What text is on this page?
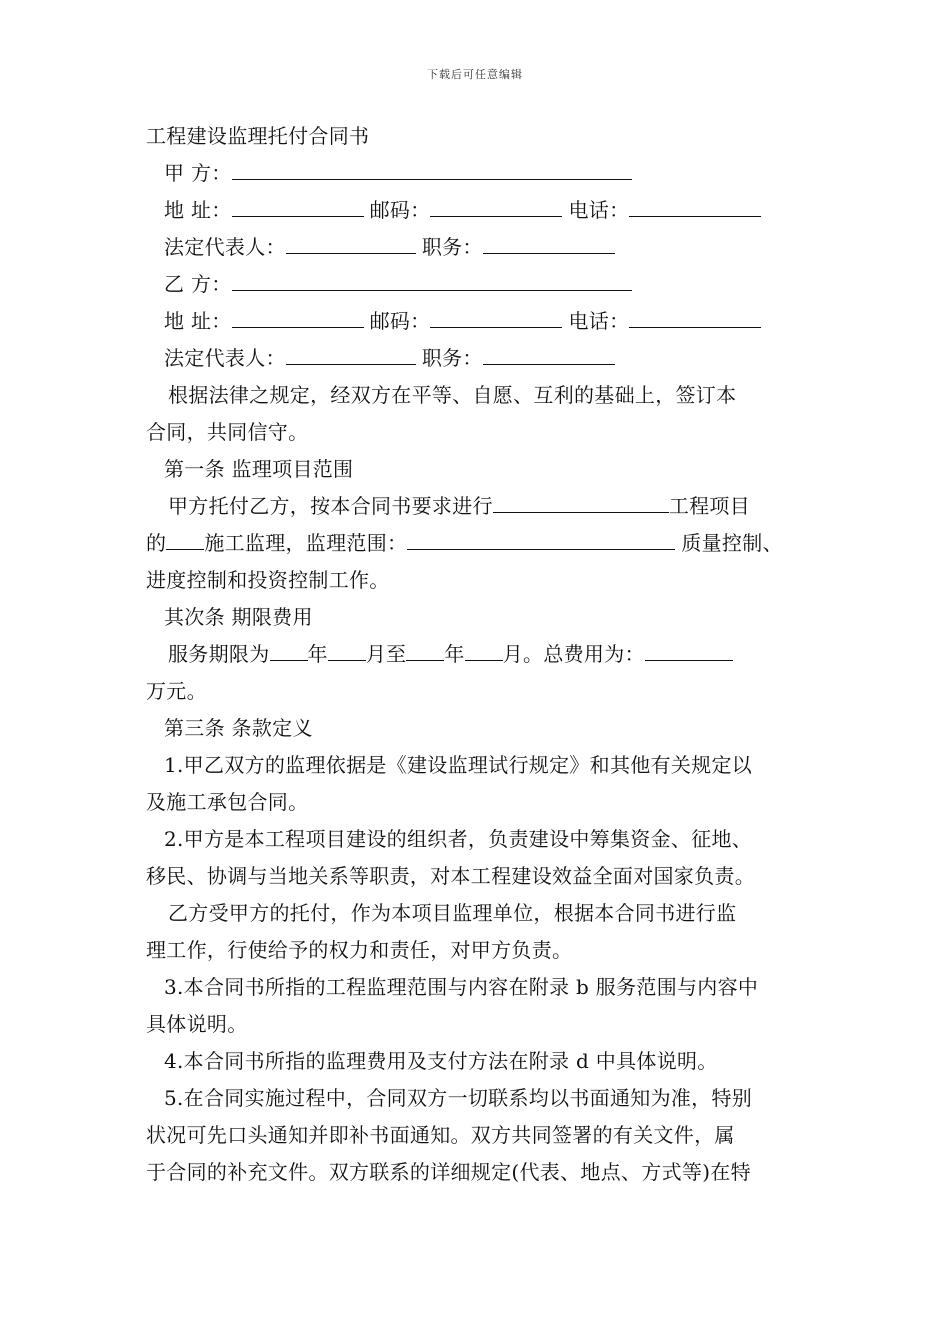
下载后可任意编辑
工程建设监理托付合同书
甲 方：
地 址：	邮码：	电话：
法定代表人：	职务：
乙 方：
地 址：	邮码：	电话：
法定代表人：	职务：
根据法律之规定，经双方在平等、自愿、互利的基础上，签订本
合同，共同信守。
第一条 监理项目范围
甲方托付乙方，按本合同书要求进行	工程项目
的 施工监理，监理范围：	质量控制、
进度控制和投资控制工作。
其次条 期限费用
服务期限为 年 月至 年 月。总费用为：
万元。
第三条 条款定义
1.甲乙双方的监理依据是《建设监理试行规定》和其他有关规定以
及施工承包合同。
2.甲方是本工程项目建设的组织者，负责建设中筹集资金、征地、
移民、协调与当地关系等职责，对本工程建设效益全面对国家负责。
乙方受甲方的托付，作为本项目监理单位，根据本合同书进行监
理工作，行使给予的权力和责任，对甲方负责。
3.本合同书所指的工程监理范围与内容在附录 b 服务范围与内容中
具体说明。
4.本合同书所指的监理费用及支付方法在附录 d 中具体说明。
5.在合同实施过程中，合同双方一切联系均以书面通知为准，特别
状况可先口头通知并即补书面通知。双方共同签署的有关文件，属
于合同的补充文件。双方联系的详细规定(代表、地点、方式等)在特
